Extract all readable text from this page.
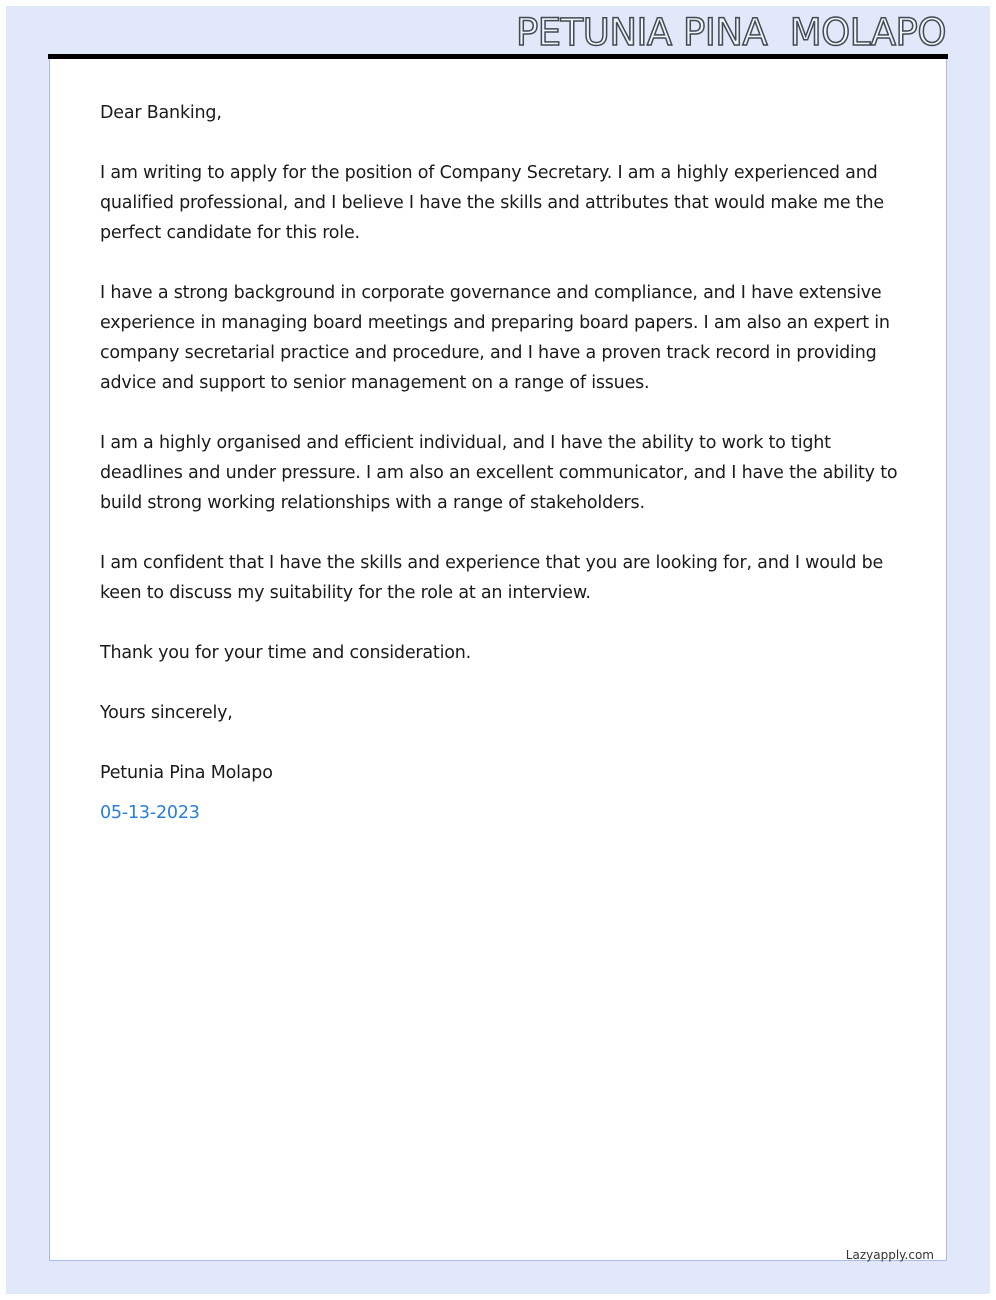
PETUNIA PINA  MOLAPO

Dear Banking,

I am writing to apply for the position of Company Secretary. I am a highly experienced and qualified professional, and I believe I have the skills and attributes that would make me the perfect candidate for this role.

I have a strong background in corporate governance and compliance, and I have extensive experience in managing board meetings and preparing board papers. I am also an expert in company secretarial practice and procedure, and I have a proven track record in providing advice and support to senior management on a range of issues.

I am a highly organised and efficient individual, and I have the ability to work to tight deadlines and under pressure. I am also an excellent communicator, and I have the ability to build strong working relationships with a range of stakeholders.

I am confident that I have the skills and experience that you are looking for, and I would be keen to discuss my suitability for the role at an interview.

Thank you for your time and consideration.

Yours sincerely,

Petunia Pina Molapo

05-13-2023

Lazyapply.com
